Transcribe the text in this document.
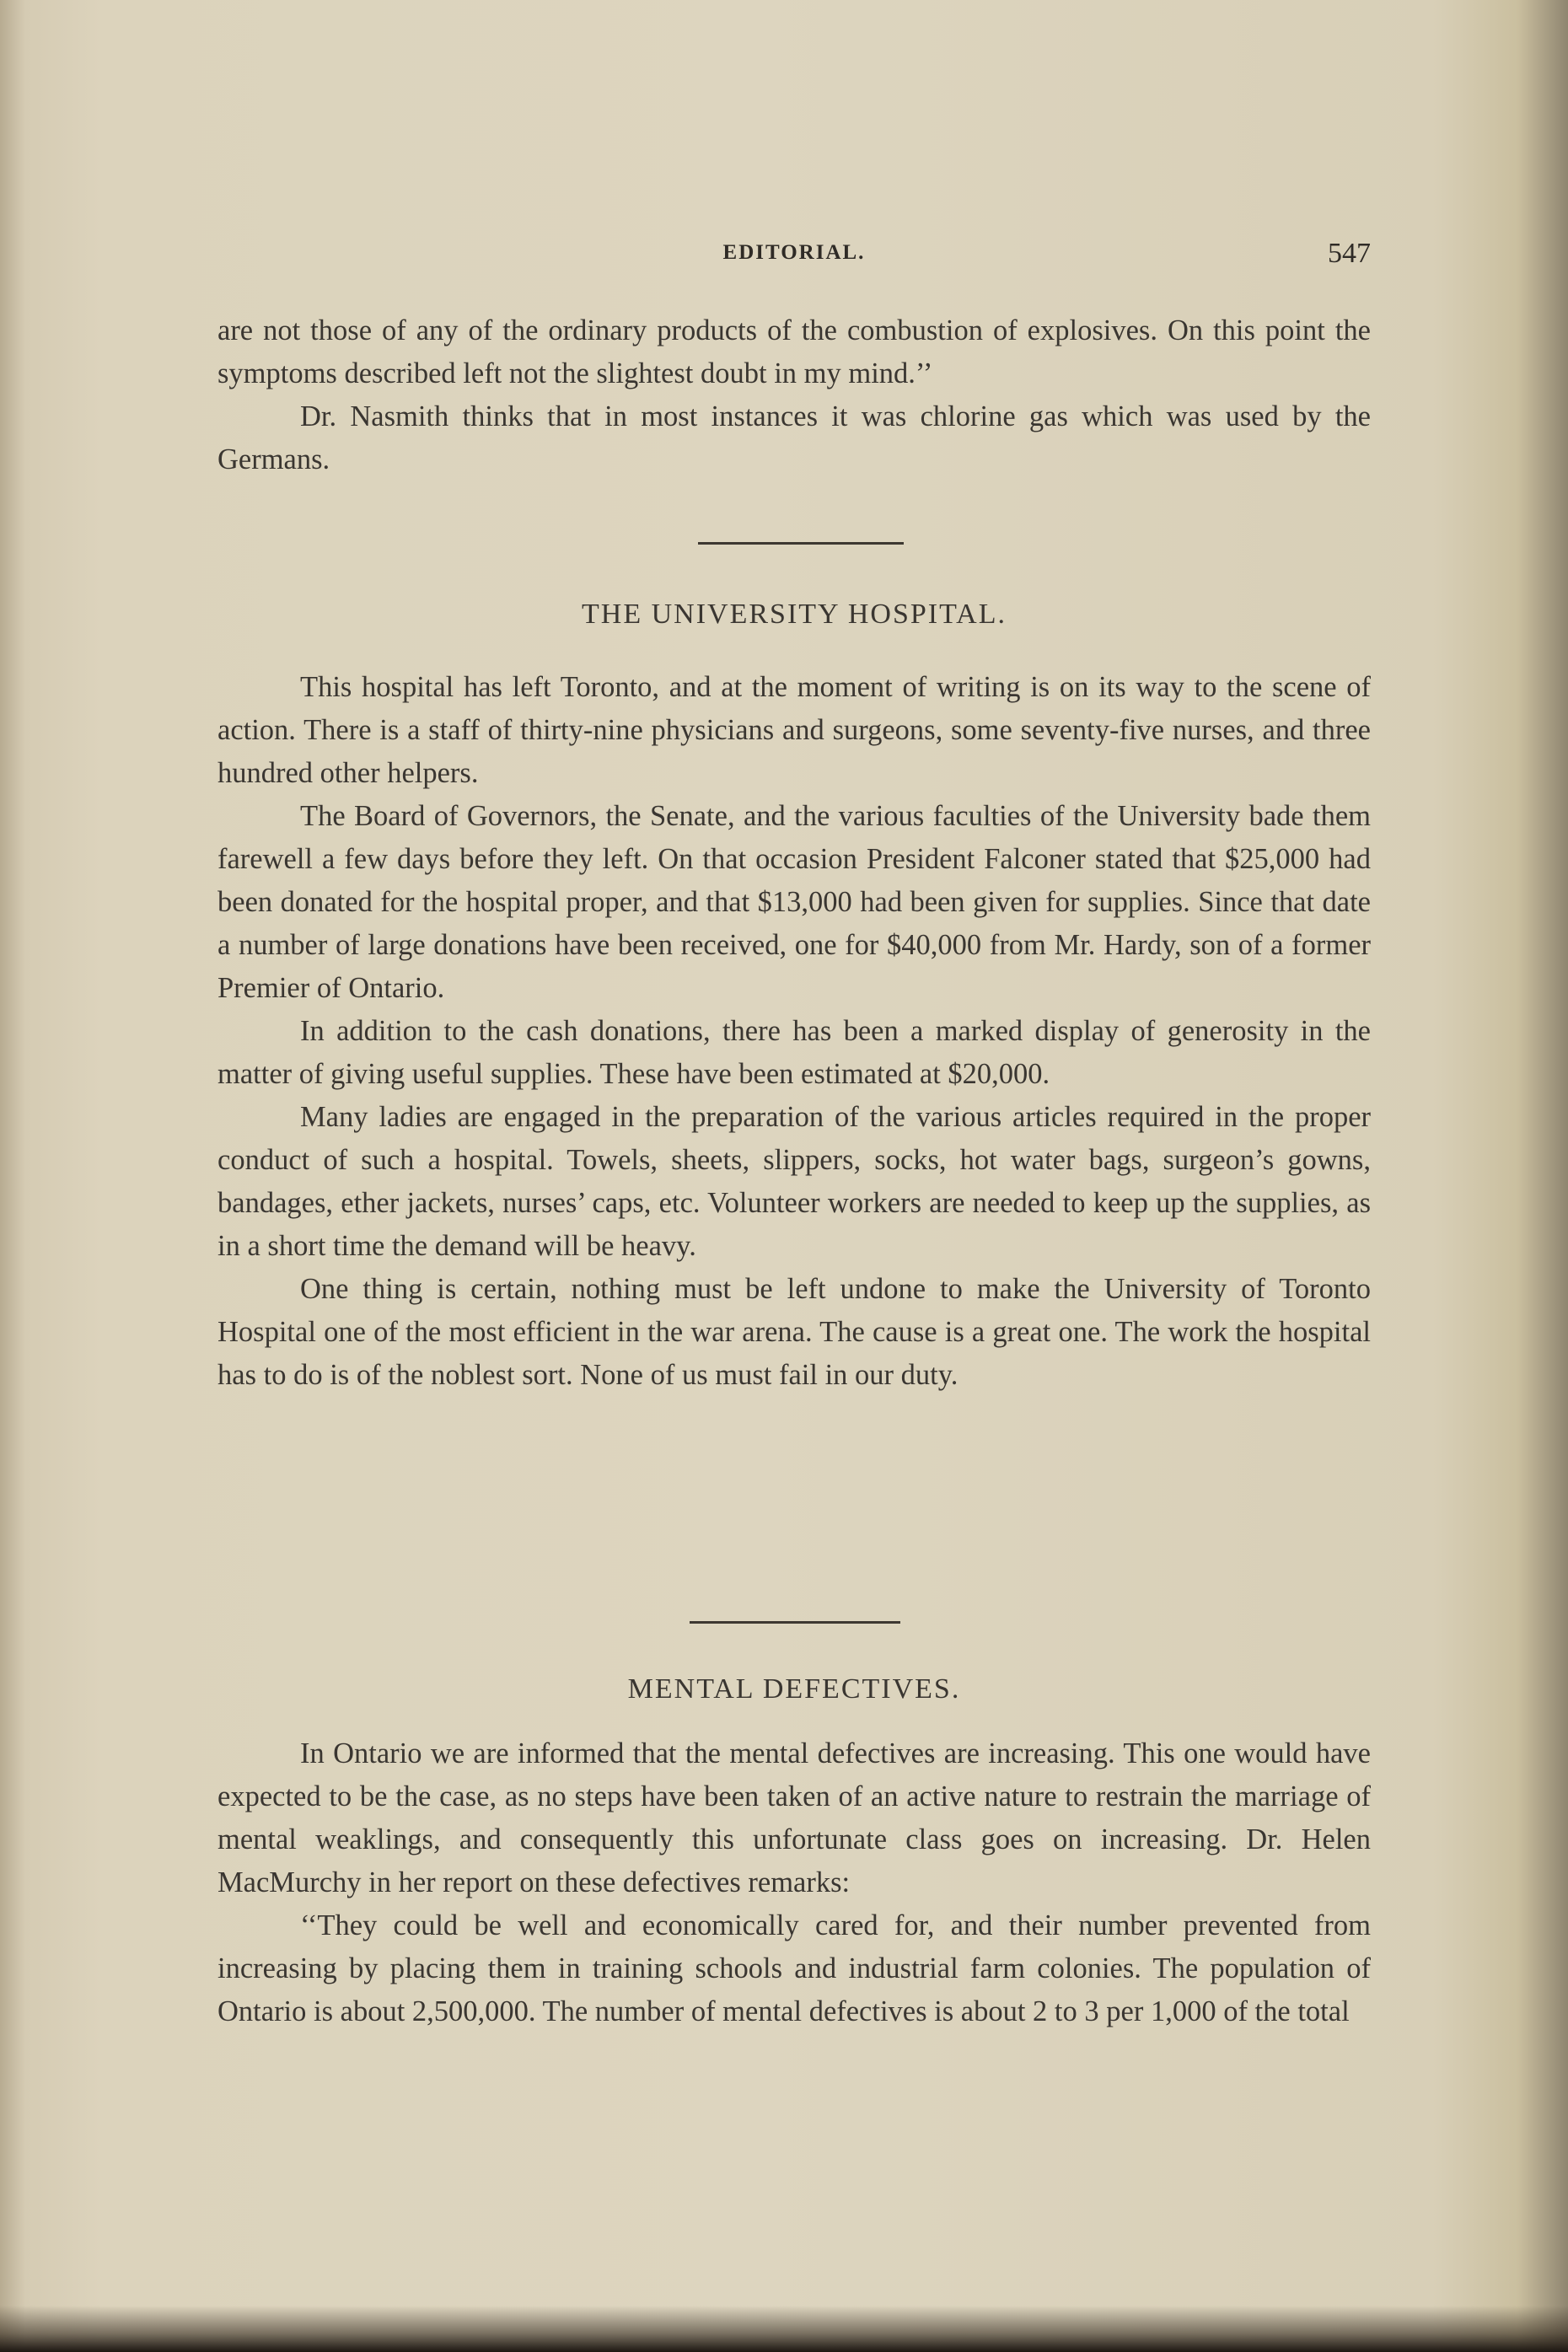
EDITORIAL.	547

are not those of any of the ordinary products of the combustion of explosives. On this point the symptoms described left not the slightest doubt in my mind.’’

Dr. Nasmith thinks that in most instances it was chlorine gas which was used by the Germans.

THE UNIVERSITY HOSPITAL.

This hospital has left Toronto, and at the moment of writing is on its way to the scene of action. There is a staff of thirty-nine physicians and surgeons, some seventy-five nurses, and three hundred other helpers.

The Board of Governors, the Senate, and the various faculties of the University bade them farewell a few days before they left. On that occasion President Falconer stated that $25,000 had been donated for the hospital proper, and that $13,000 had been given for supplies. Since that date a number of large donations have been received, one for $40,000 from Mr. Hardy, son of a former Premier of Ontario.

In addition to the cash donations, there has been a marked display of generosity in the matter of giving useful supplies. These have been estimated at $20,000.

Many ladies are engaged in the preparation of the various articles required in the proper conduct of such a hospital. Towels, sheets, slippers, socks, hot water bags, surgeon’s gowns, bandages, ether jackets, nurses’ caps, etc. Volunteer workers are needed to keep up the supplies, as in a short time the demand will be heavy.

One thing is certain, nothing must be left undone to make the University of Toronto Hospital one of the most efficient in the war arena. The cause is a great one. The work the hospital has to do is of the noblest sort. None of us must fail in our duty.

MENTAL DEFECTIVES.

In Ontario we are informed that the mental defectives are increasing. This one would have expected to be the case, as no steps have been taken of an active nature to restrain the marriage of mental weaklings, and consequently this unfortunate class goes on increasing. Dr. Helen MacMurchy in her report on these defectives remarks:

‘‘They could be well and economically cared for, and their number prevented from increasing by placing them in training schools and industrial farm colonies. The population of Ontario is about 2,500,000. The number of mental defectives is about 2 to 3 per 1,000 of the total
